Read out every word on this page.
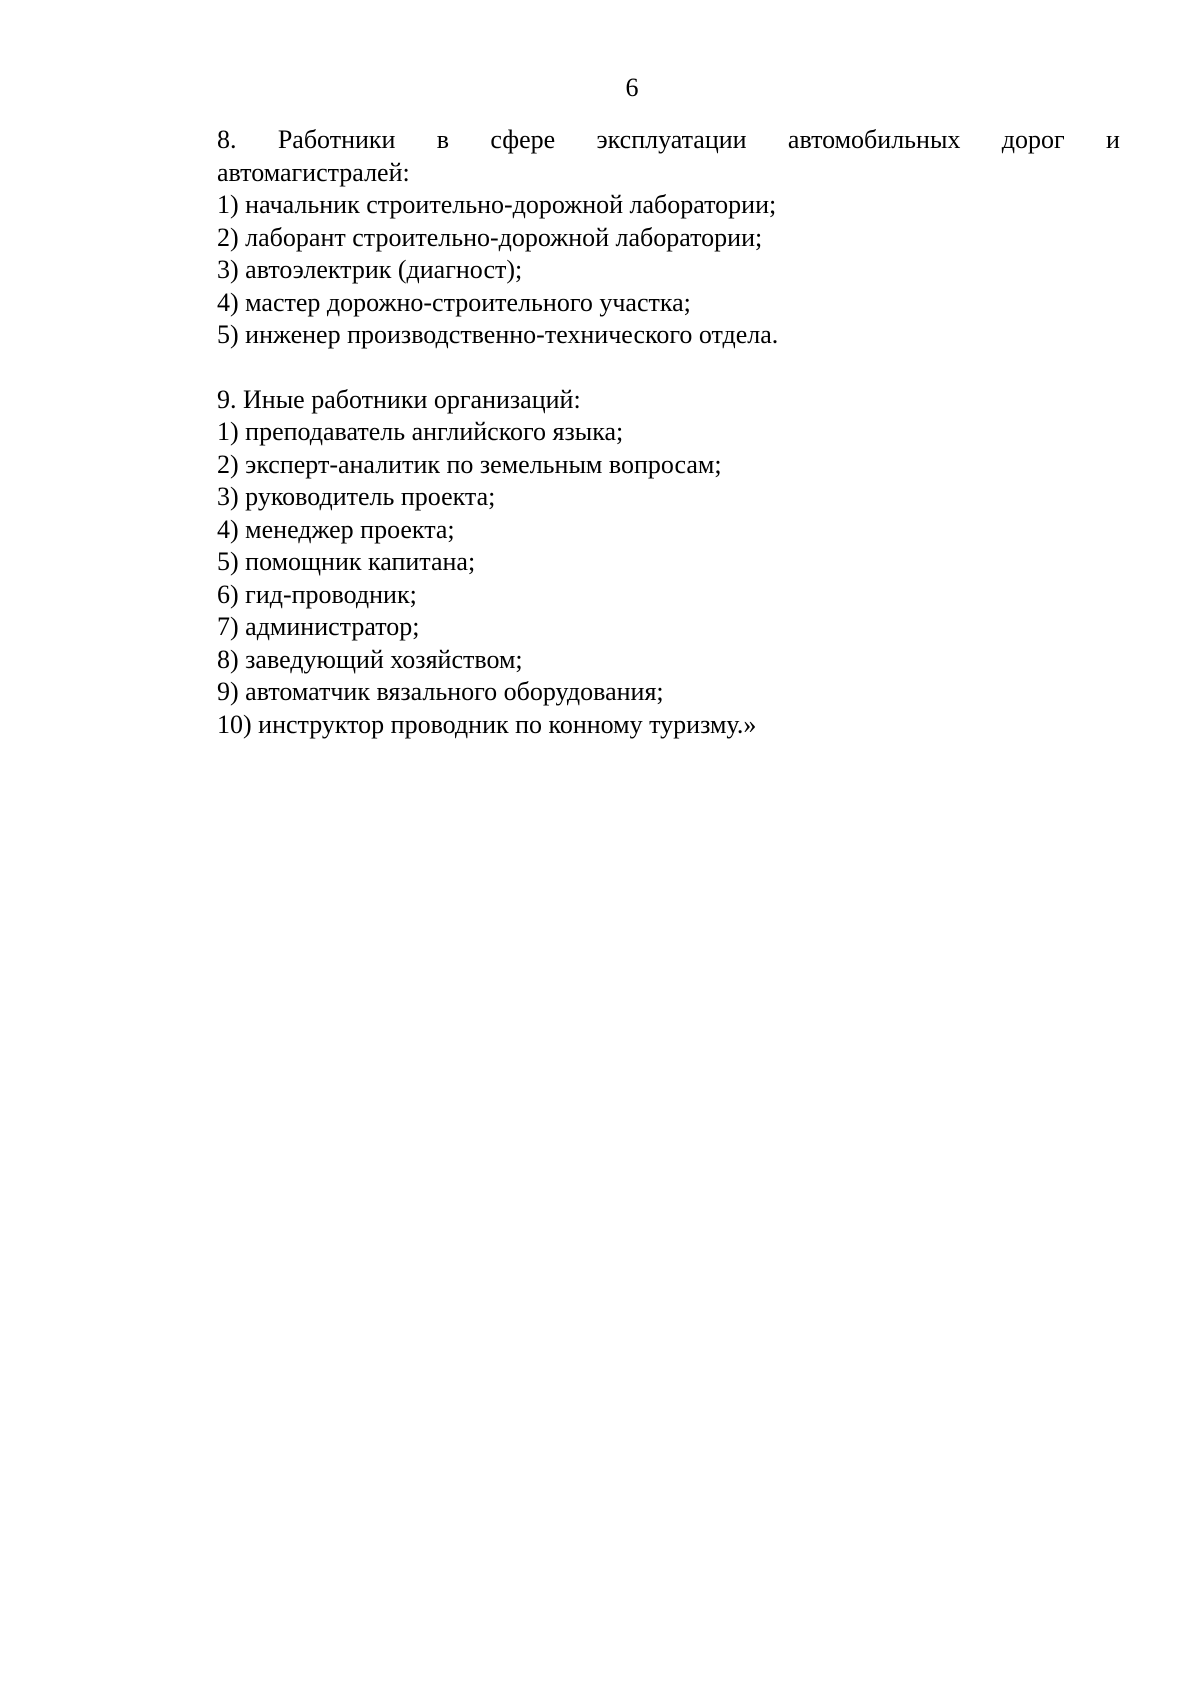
6

8. Работники в сфере эксплуатации автомобильных дорог и

автомагистралей:

1) начальник строительно-дорожной лаборатории;
2) лаборант строительно-дорожной лаборатории;
3) автоэлектрик (диагност);
4) мастер дорожно-строительного участка;
5) инженер производственно-технического отдела.

9. Иные работники организаций:

1) преподаватель английского языка;
2) эксперт-аналитик по земельным вопросам;
3) руководитель проекта;
4) менеджер проекта;
5) помощник капитана;
6) гид-проводник;
7) администратор;
8) заведующий хозяйством;
9) автоматчик вязального оборудования;
10) инструктор проводник по конному туризму.»
